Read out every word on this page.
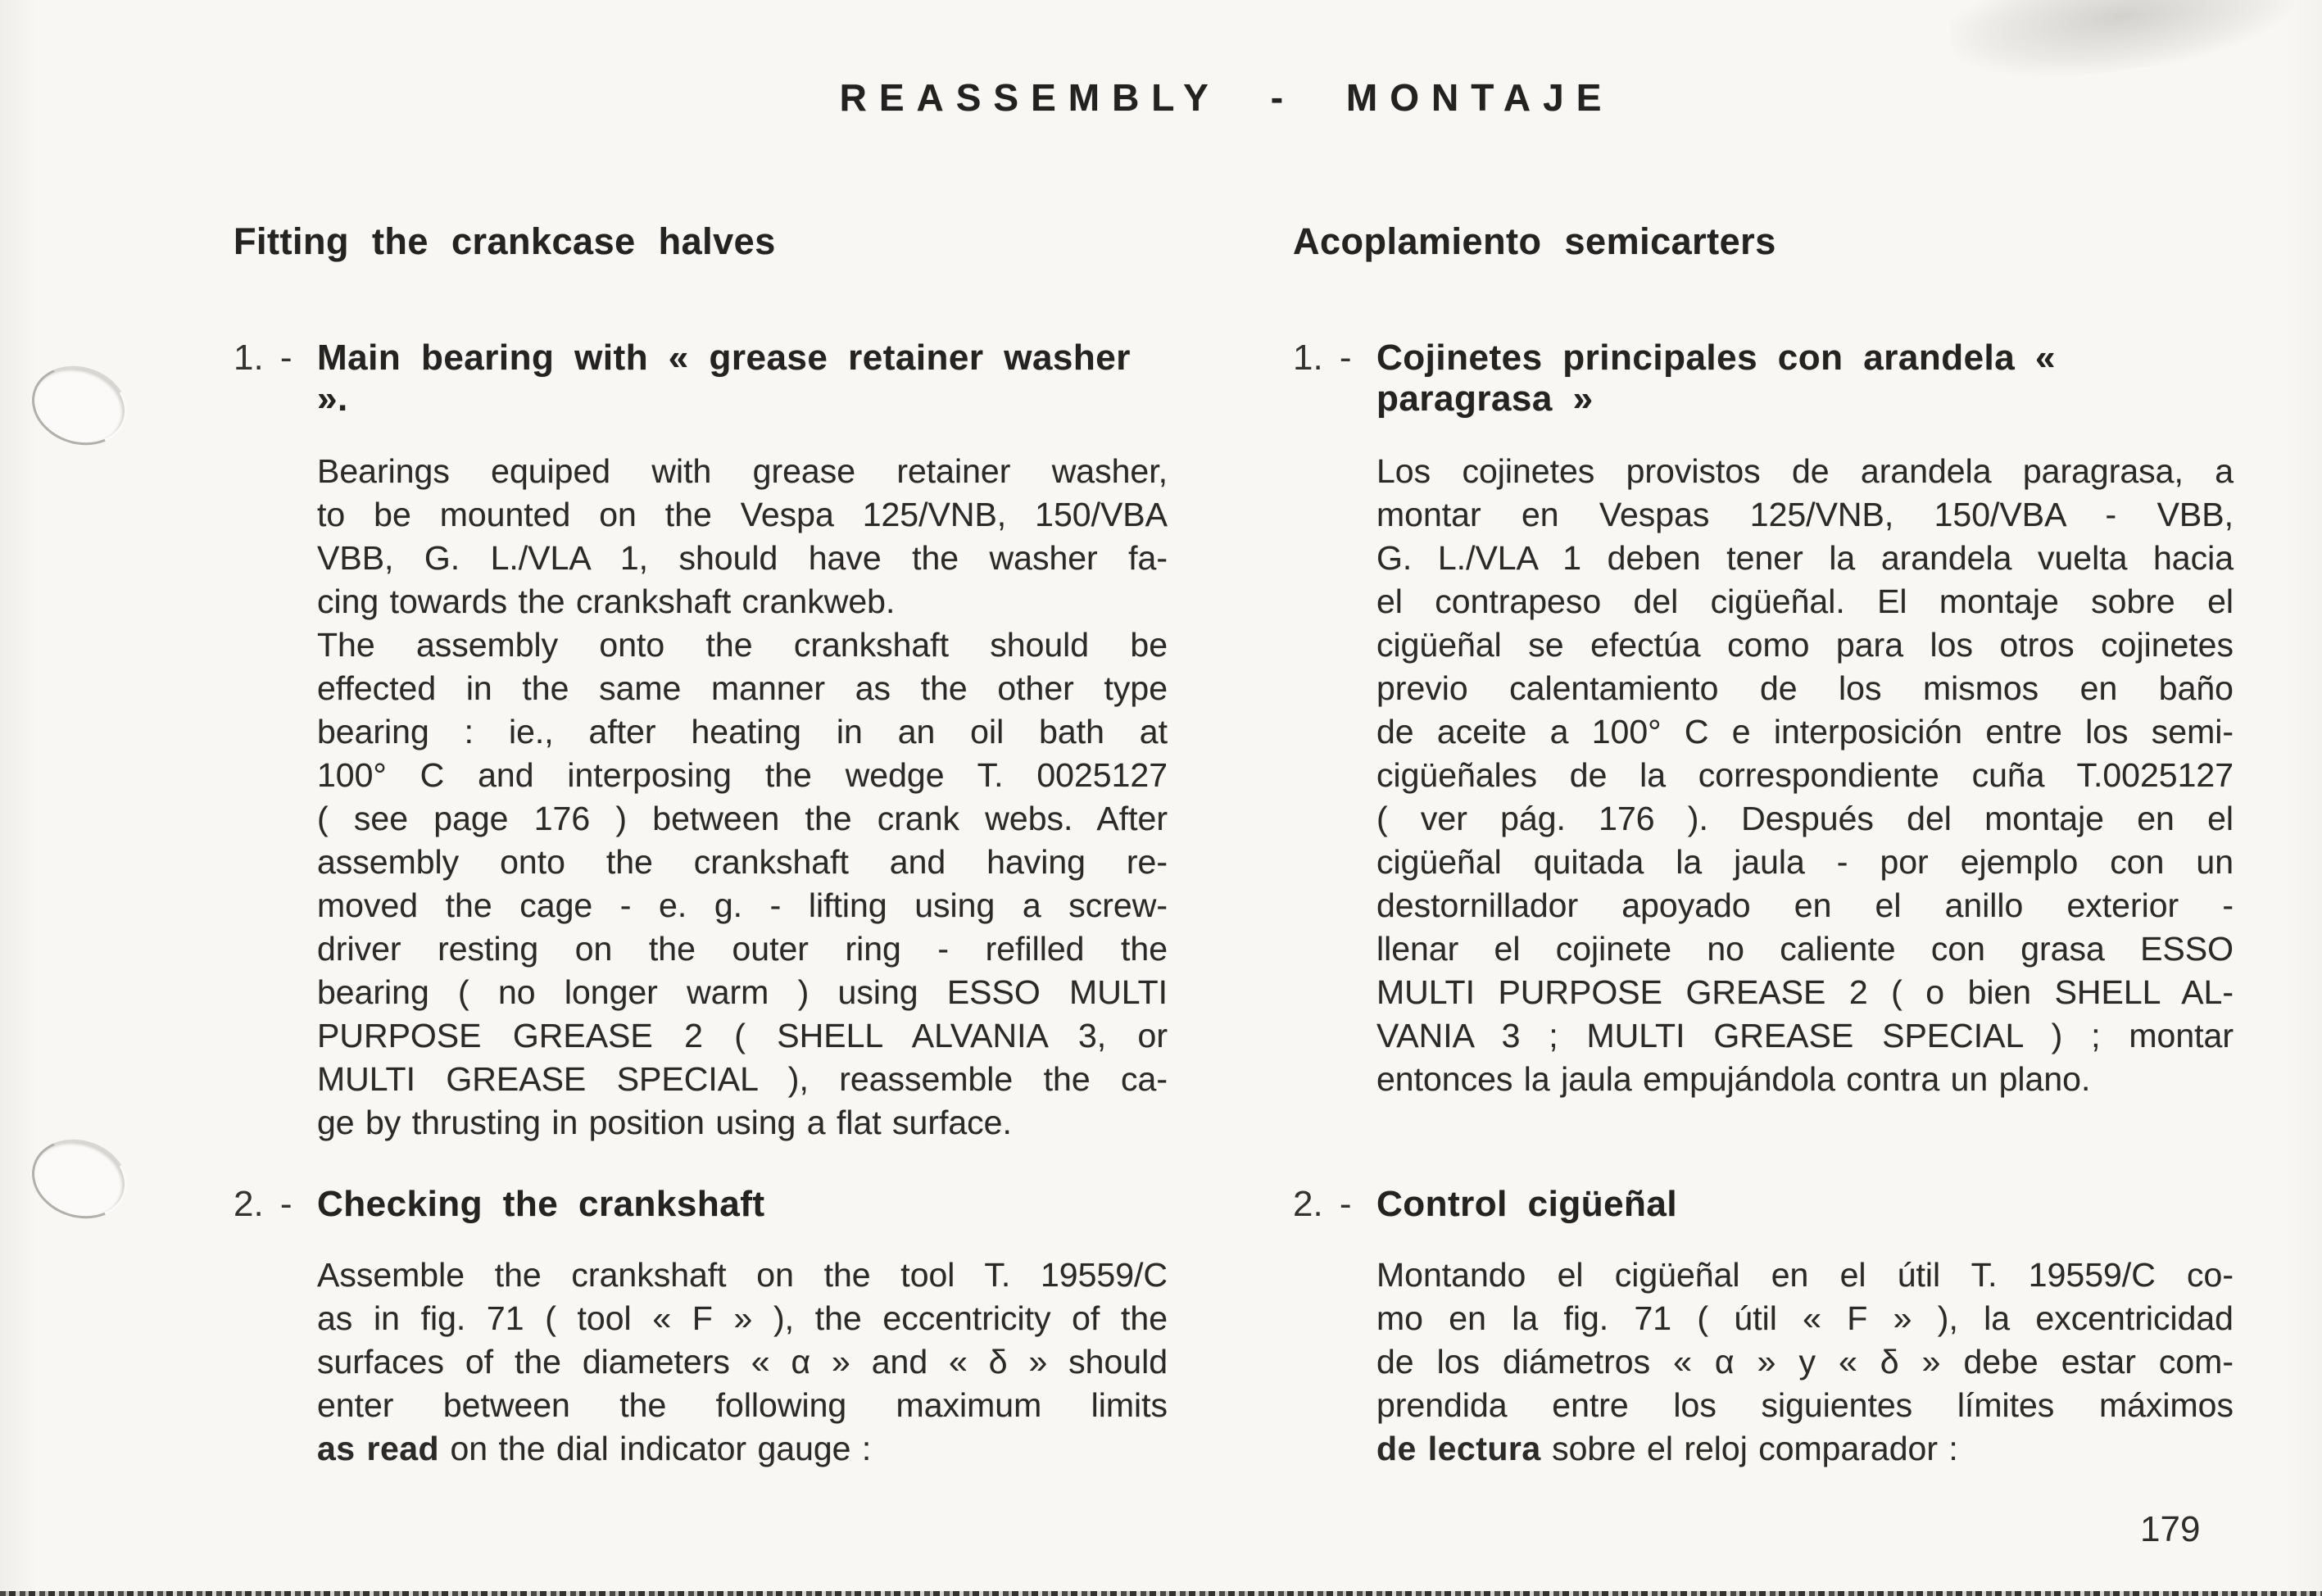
REASSEMBLY - MONTAJE
Fitting the crankcase halves
1. - Main bearing with « grease retainer washer ».
Bearings equiped with grease retainer washer,
to be mounted on the Vespa 125/VNB, 150/VBA
VBB, G. L./VLA 1, should have the washer fa-
cing towards the crankshaft crankweb.
The assembly onto the crankshaft should be
effected in the same manner as the other type
bearing : ie., after heating in an oil bath at
100° C and interposing the wedge T. 0025127
( see page 176 ) between the crank webs. After
assembly onto the crankshaft and having re-
moved the cage - e. g. - lifting using a screw-
driver resting on the outer ring - refilled the
bearing ( no longer warm ) using ESSO MULTI
PURPOSE GREASE 2 ( SHELL ALVANIA 3, or
MULTI GREASE SPECIAL ), reassemble the ca-
ge by thrusting in position using a flat surface.
2. - Checking the crankshaft
Assemble the crankshaft on the tool T. 19559/C
as in fig. 71 ( tool « F » ), the eccentricity of the
surfaces of the diameters « α » and « δ » should
enter between the following maximum limits
as read on the dial indicator gauge :
Acoplamiento semicarters
1. - Cojinetes principales con arandela « paragrasa »
Los cojinetes provistos de arandela paragrasa, a
montar en Vespas 125/VNB, 150/VBA - VBB,
G. L./VLA 1 deben tener la arandela vuelta hacia
el contrapeso del cigüeñal. El montaje sobre el
cigüeñal se efectúa como para los otros cojinetes
previo calentamiento de los mismos en baño
de aceite a 100° C e interposición entre los semi-
cigüeñales de la correspondiente cuña T.0025127
( ver pág. 176 ). Después del montaje en el
cigüeñal quitada la jaula - por ejemplo con un
destornillador apoyado en el anillo exterior -
llenar el cojinete no caliente con grasa ESSO
MULTI PURPOSE GREASE 2 ( o bien SHELL AL-
VANIA 3 ; MULTI GREASE SPECIAL ) ; montar
entonces la jaula empujándola contra un plano.
2. - Control cigüeñal
Montando el cigüeñal en el útil T. 19559/C co-
mo en la fig. 71 ( útil « F » ), la excentricidad
de los diámetros « α » y « δ » debe estar com-
prendida entre los siguientes límites máximos
de lectura sobre el reloj comparador :
179
